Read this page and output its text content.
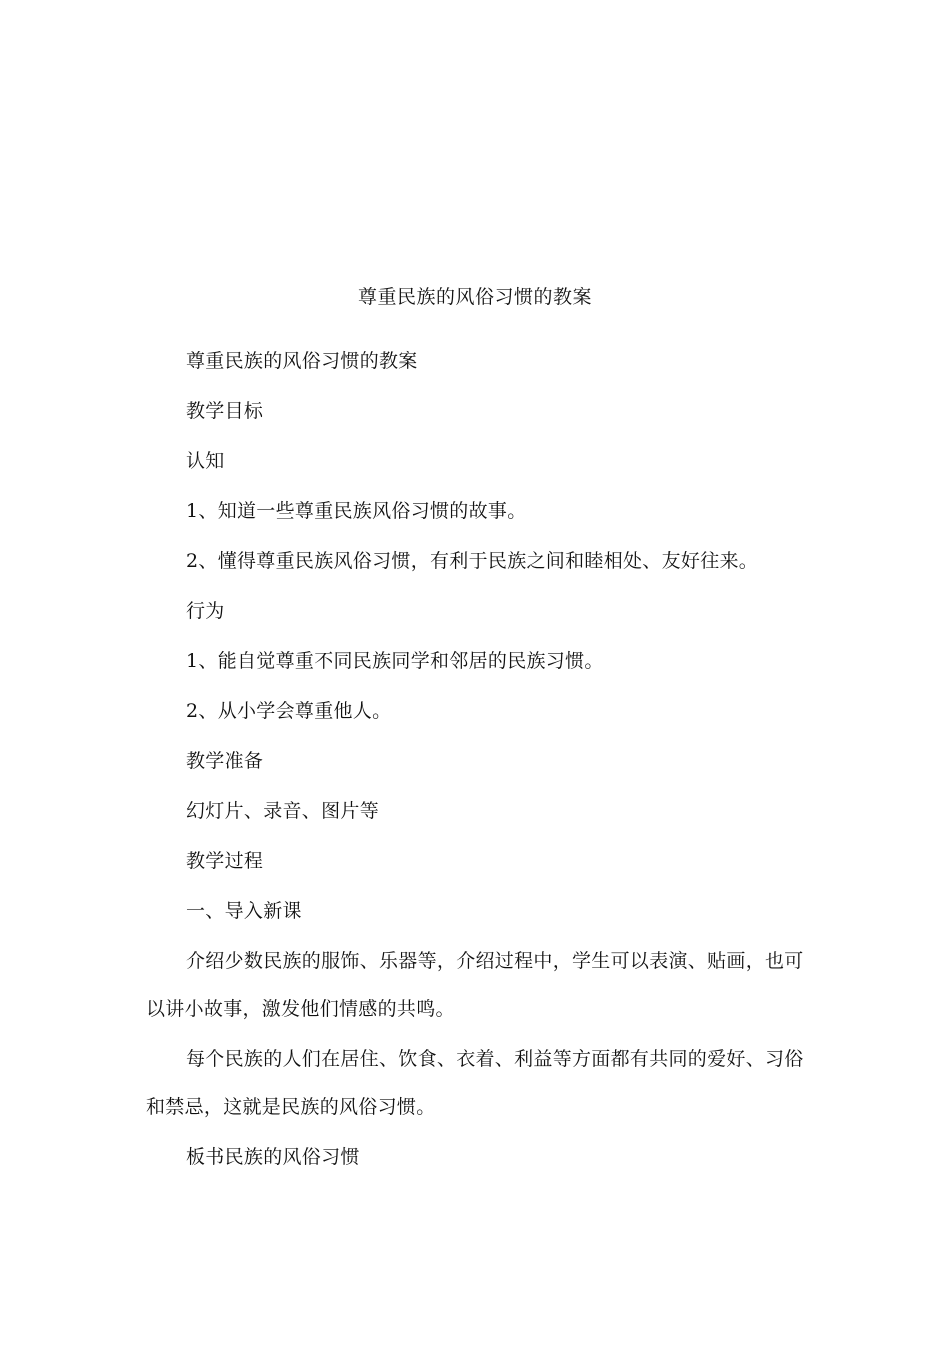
尊重民族的风俗习惯的教案

尊重民族的风俗习惯的教案

教学目标

认知

1、知道一些尊重民族风俗习惯的故事。

2、懂得尊重民族风俗习惯，有利于民族之间和睦相处、友好往来。

行为

1、能自觉尊重不同民族同学和邻居的民族习惯。

2、从小学会尊重他人。

教学准备

幻灯片、录音、图片等

教学过程

一、导入新课

介绍少数民族的服饰、乐器等，介绍过程中，学生可以表演、贴画，也可以讲小故事，激发他们情感的共鸣。

每个民族的人们在居住、饮食、衣着、利益等方面都有共同的爱好、习俗和禁忌，这就是民族的风俗习惯。

板书民族的风俗习惯
